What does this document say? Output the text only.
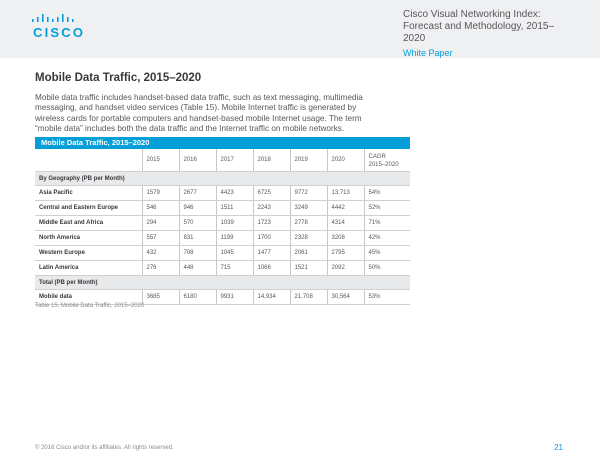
CISCO
Cisco Visual Networking Index:
Forecast and Methodology, 2015–2020
White Paper
Mobile Data Traffic, 2015–2020
Mobile data traffic includes handset-based data traffic, such as text messaging, multimedia messaging, and handset video services (Table 15). Mobile Internet traffic is generated by wireless cards for portable computers and handset-based mobile Internet usage. The term “mobile data” includes both the data traffic and the Internet traffic on mobile networks.
Mobile Data Traffic, 2015–2020
	2015	2016	2017	2018	2019	2020	CAGR
2015–2020
By Geography (PB per Month)							
Asia Pacific	1579	2677	4423	6725	9772	13,713	54%
Central and Eastern Europe	546	946	1511	2243	3249	4442	52%
Middle East and Africa	294	570	1039	1723	2778	4314	71%
North America	557	831	1199	1700	2328	3208	42%
Western Europe	432	708	1045	1477	2061	2795	45%
Latin America	276	448	715	1066	1521	2092	50%
Total (PB per Month)							
Mobile data	3685	6180	9931	14,934	21,708	30,564	53%
Table 15. Mobile Data Traffic, 2015–2020
© 2016 Cisco and/or its affiliates. All rights reserved.	21
